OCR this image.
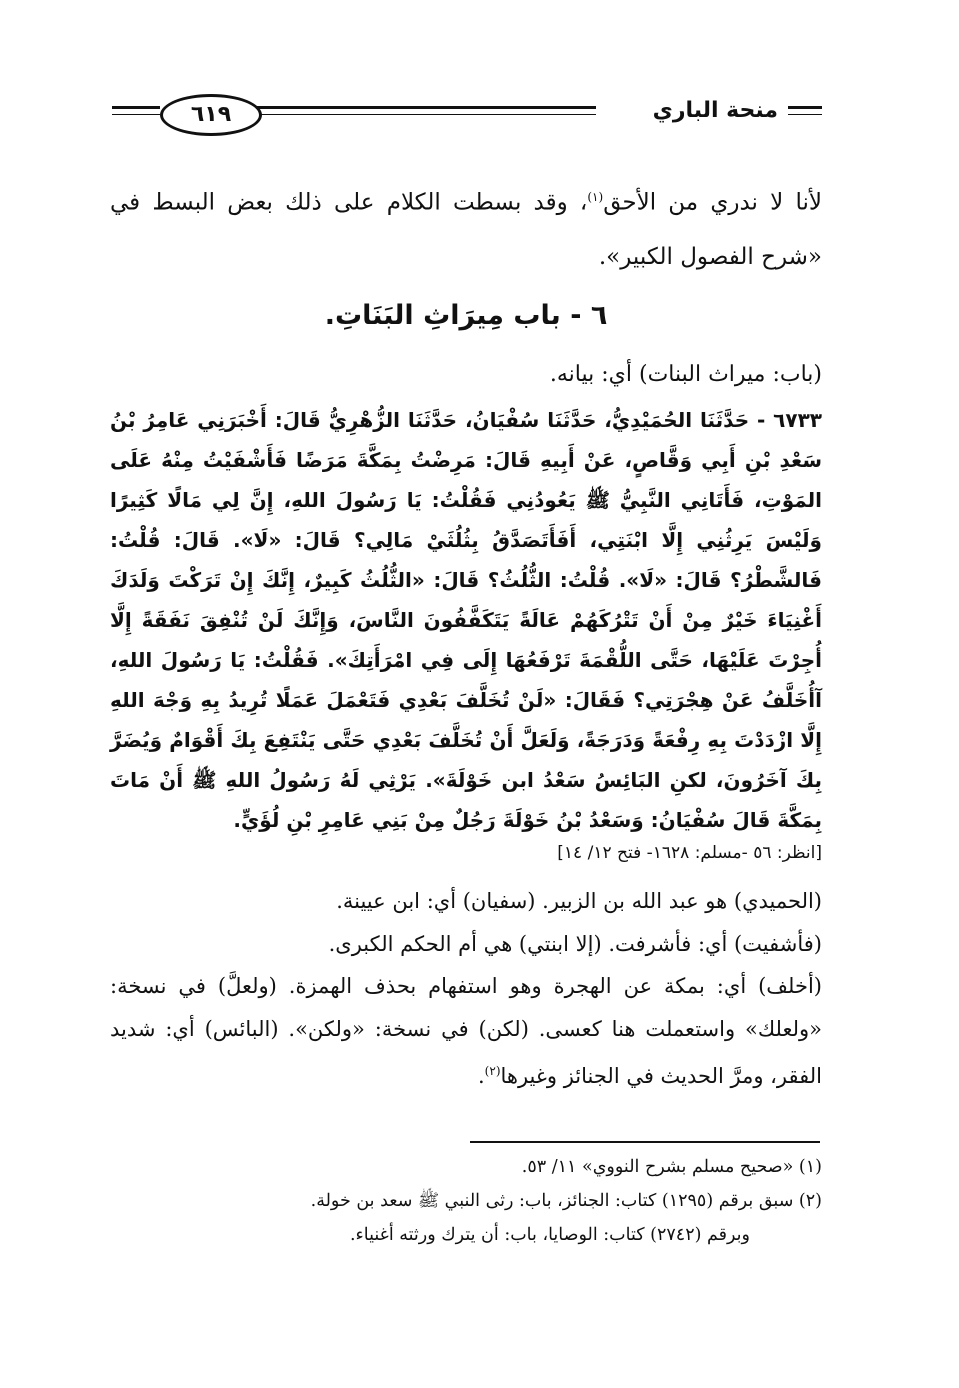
٦١٩	منحة الباري
لأنا لا ندري من الأحق$^{(١)}$، وقد بسطت الكلام على ذلك بعض البسط في «شرح الفصول الكبير».
٦ - باب مِيرَاثِ البَنَاتِ.
(باب: ميراث البنات) أي: بيانه.
٦٧٣٣ - حَدَّثَنَا الحُمَيْدِيُّ، حَدَّثَنَا سُفْيَانُ، حَدَّثَنَا الزُّهْرِيُّ قَالَ: أَخْبَرَنِي عَامِرُ بْنُ سَعْدِ بْنِ أَبِي وَقَّاصٍ، عَنْ أَبِيهِ قَالَ: مَرِضْتُ بِمَكَّةَ مَرَضًا فَأَشْفَيْتُ مِنْهُ عَلَى المَوْتِ، فَأَتَانِي النَّبِيُّ ﷺ يَعُودُنِي فَقُلْتُ: يَا رَسُولَ اللهِ، إِنَّ لِي مَالًا كَثِيرًا وَلَيْسَ يَرِثُنِي إِلَّا ابْنَتِي، أَفَأَتَصَدَّقُ بِثُلُثَيْ مَالِي؟ قَالَ: «لَا». قَالَ: قُلْتُ: فَالشَّطْرُ؟ قَالَ: «لَا». قُلْتُ: الثُّلُثُ؟ قَالَ: «الثُّلُثُ كَبِيرٌ، إِنَّكَ إِنْ تَرَكْتَ وَلَدَكَ أَغْنِيَاءَ خَيْرٌ مِنْ أَنْ تَتْرُكَهُمْ عَالَةً يَتَكَفَّفُونَ النَّاسَ، وَإِنَّكَ لَنْ تُنْفِقَ نَفَقَةً إِلَّا أُجِرْتَ عَلَيْهَا، حَتَّى اللُّقْمَةَ تَرْفَعُهَا إِلَى فِي امْرَأَتِكَ». فَقُلْتُ: يَا رَسُولَ اللهِ، آأُخَلَّفُ عَنْ هِجْرَتِي؟ فَقَالَ: «لَنْ تُخَلَّفَ بَعْدِي فَتَعْمَلَ عَمَلًا تُرِيدُ بِهِ وَجْهَ اللهِ إِلَّا ازْدَدْتَ بِهِ رِفْعَةً وَدَرَجَةً، وَلَعَلَّ أَنْ تُخَلَّفَ بَعْدِي حَتَّى يَنْتَفِعَ بِكَ أَقْوَامٌ وَيُضَرَّ بِكَ آخَرُونَ، لكنِ البَائِسُ سَعْدُ ابن خَوْلَةَ». يَرْثِي لَهُ رَسُولُ اللهِ ﷺ أَنْ مَاتَ بِمَكَّةَ قَالَ سُفْيَانُ: وَسَعْدُ بْنُ خَوْلَةَ رَجُلٌ مِنْ بَنِي عَامِرِ بْنِ لُؤَيٍّ.
[انظر: ٥٦ -مسلم: ١٦٢٨- فتح ١٢/ ١٤]
(الحميدي) هو عبد الله بن الزبير. (سفيان) أي: ابن عيينة.
(فأشفيت) أي: فأشرفت. (إلا ابنتي) هي أم الحكم الكبرى.
(أخلف) أي: بمكة عن الهجرة وهو استفهام بحذف الهمزة. (ولعلَّ) في نسخة: «ولعلك» واستعملت هنا كعسى. (لكن) في نسخة: «ولكن». (البائس) أي: شديد الفقر، ومرَّ الحديث في الجنائز وغيرها$^{(٢)}$.
(١) «صحيح مسلم بشرح النووي» ١١/ ٥٣.
(٢) سبق برقم (١٢٩٥) كتاب: الجنائز، باب: رثى النبي ﷺ سعد بن خولة.
وبرقم (٢٧٤٢) كتاب: الوصايا، باب: أن يترك ورثته أغنياء.
